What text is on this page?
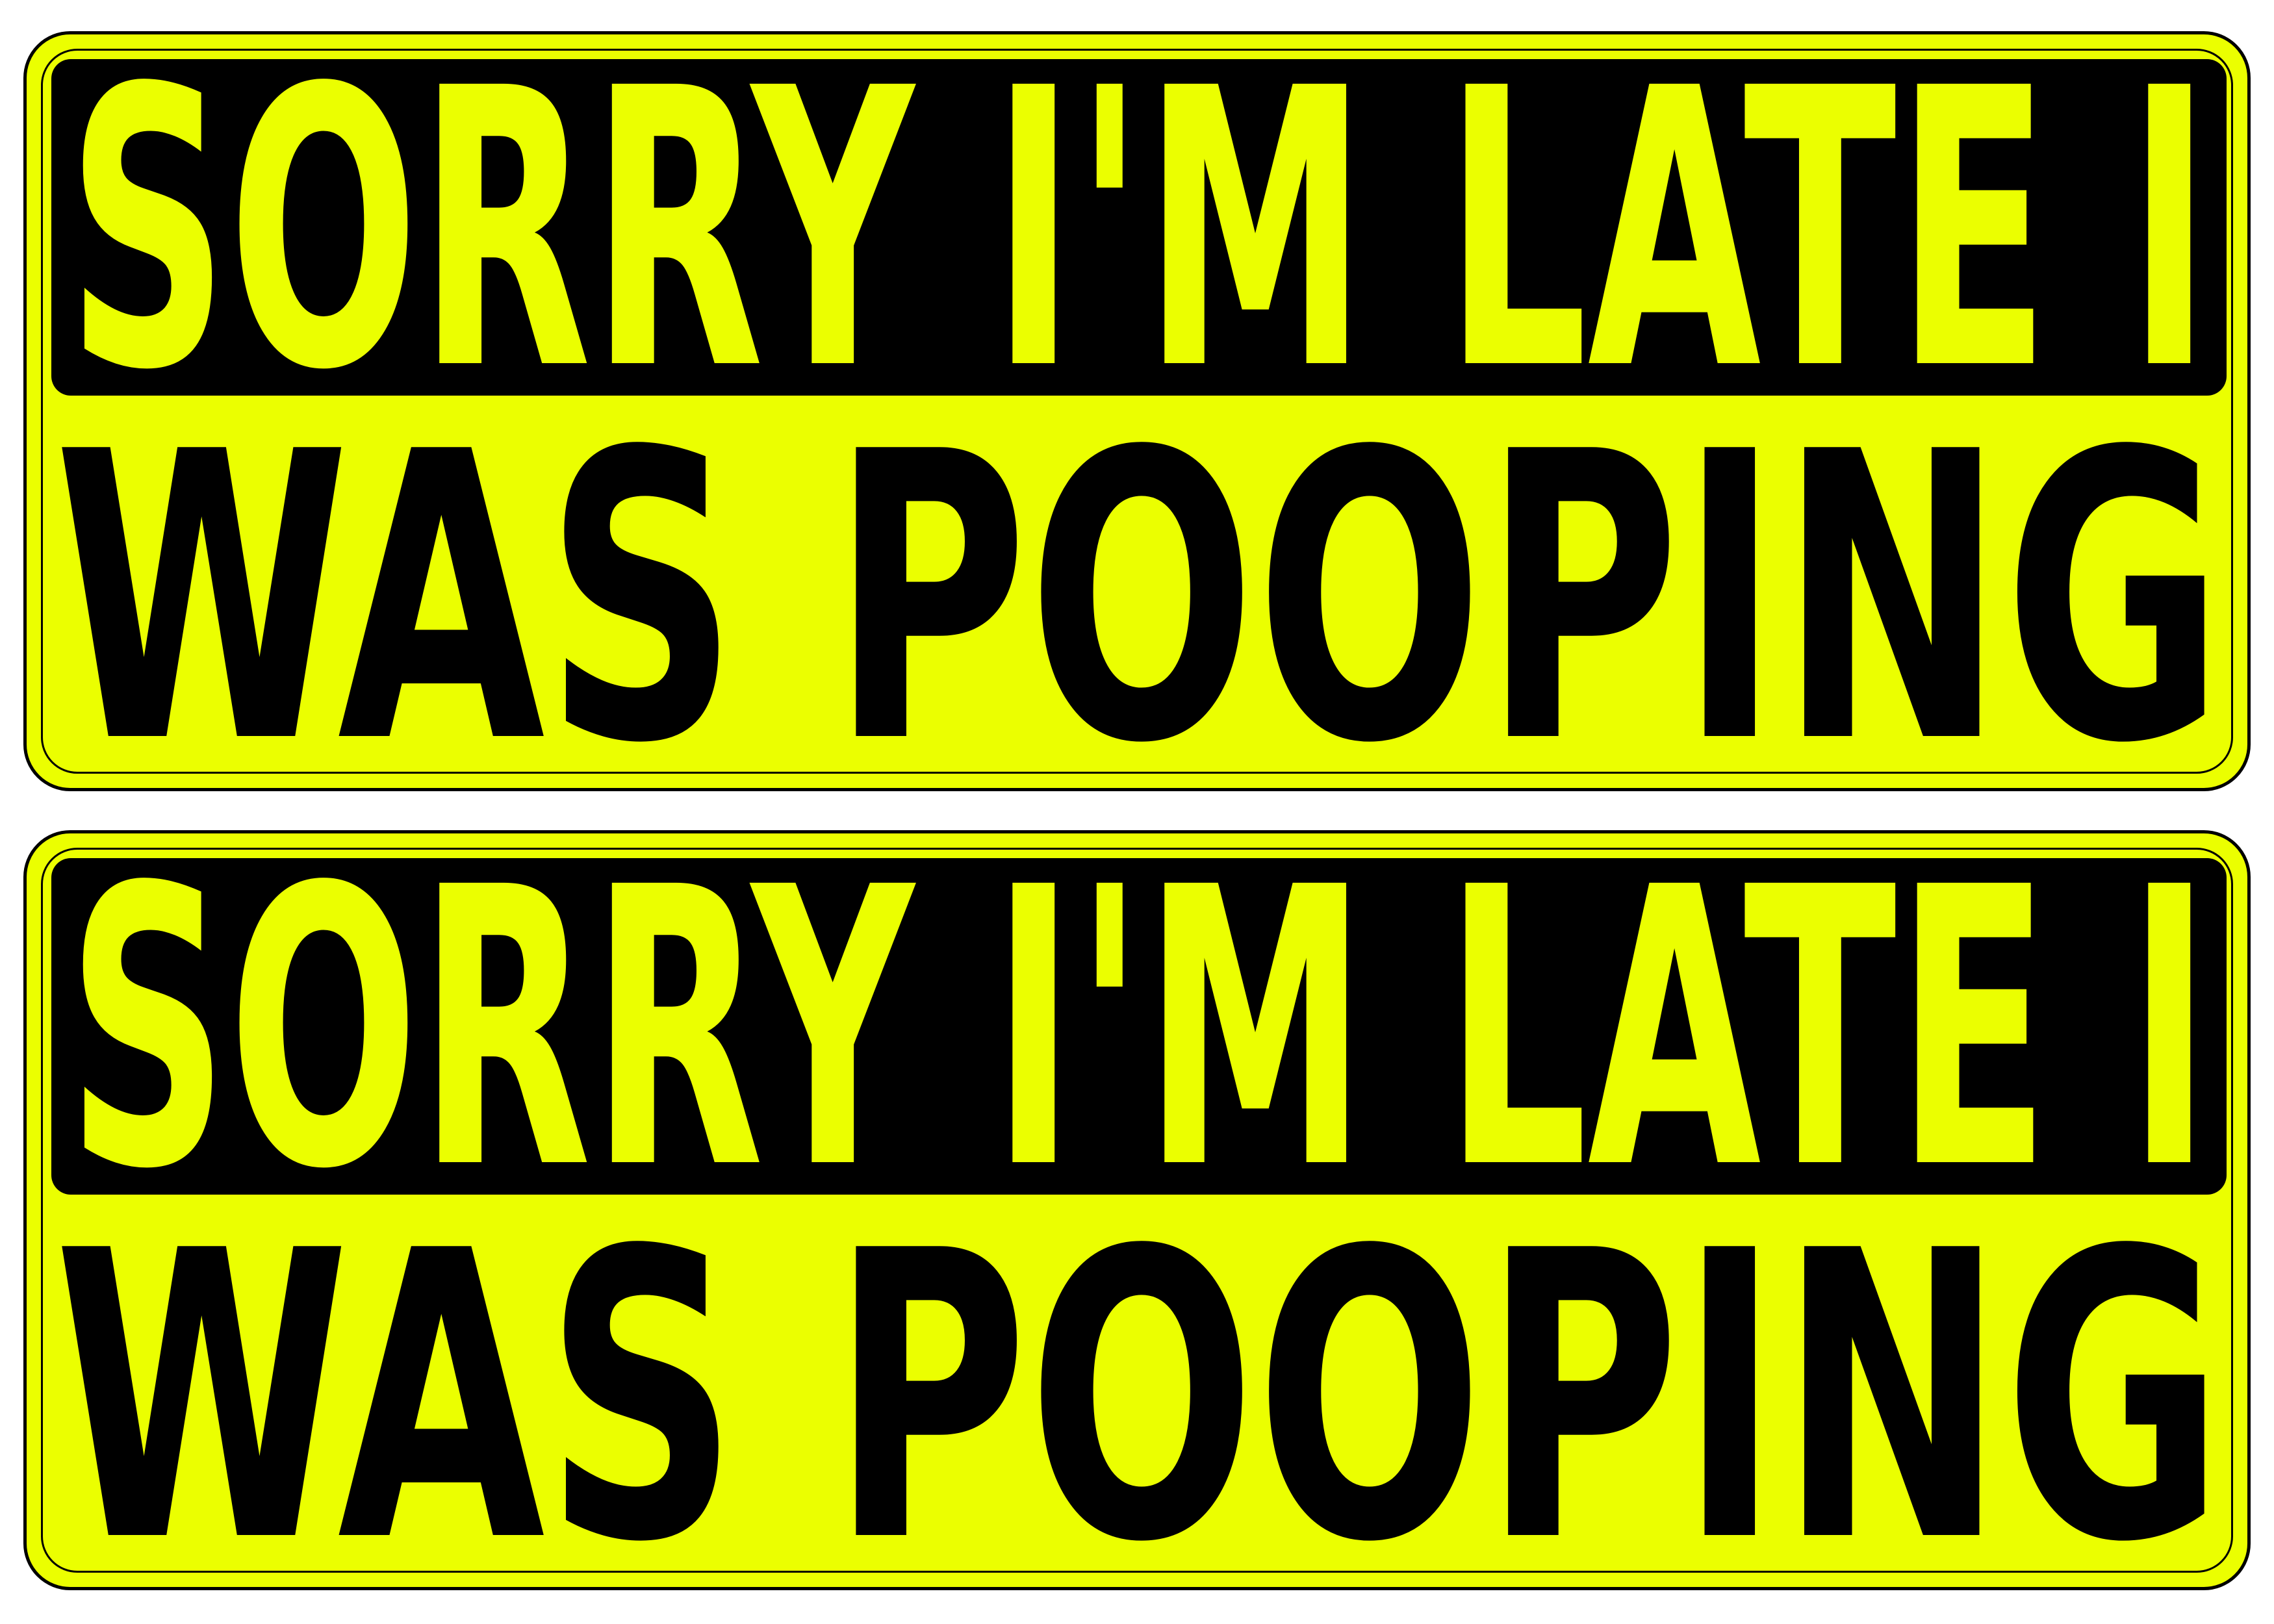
SORRY I'M LATE I
WAS POOPING
SORRY I'M LATE I
WAS POOPING
